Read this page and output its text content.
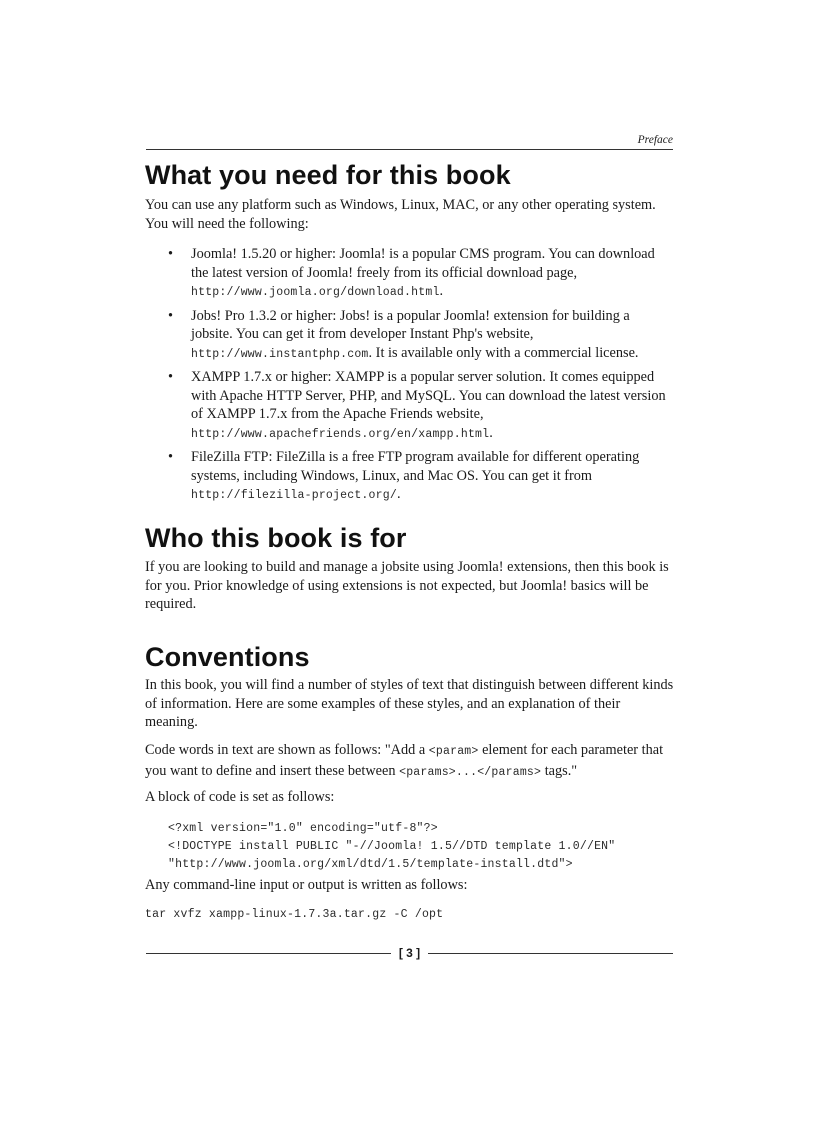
Preface
What you need for this book

You can use any platform such as Windows, Linux, MAC, or any other operating system. You will need the following:

• Joomla! 1.5.20 or higher: Joomla! is a popular CMS program. You can download the latest version of Joomla! freely from its official download page, http://www.joomla.org/download.html.
• Jobs! Pro 1.3.2 or higher: Jobs! is a popular Joomla! extension for building a jobsite. You can get it from developer Instant Php's website, http://www.instantphp.com. It is available only with a commercial license.
• XAMPP 1.7.x or higher: XAMPP is a popular server solution. It comes equipped with Apache HTTP Server, PHP, and MySQL. You can download the latest version of XAMPP 1.7.x from the Apache Friends website, http://www.apachefriends.org/en/xampp.html.
• FileZilla FTP: FileZilla is a free FTP program available for different operating systems, including Windows, Linux, and Mac OS. You can get it from http://filezilla-project.org/.
Who this book is for

If you are looking to build and manage a jobsite using Joomla! extensions, then this book is for you. Prior knowledge of using extensions is not expected, but Joomla! basics will be required.

Conventions

In this book, you will find a number of styles of text that distinguish between different kinds of information. Here are some examples of these styles, and an explanation of their meaning.

Code words in text are shown as follows: "Add a <param> element for each parameter that you want to define and insert these between <params>...</params> tags."

A block of code is set as follows:

<?xml version="1.0" encoding="utf-8"?>
<!DOCTYPE install PUBLIC "-//Joomla! 1.5//DTD template 1.0//EN"
"http://www.joomla.org/xml/dtd/1.5/template-install.dtd">

Any command-line input or output is written as follows:

tar xvfz xampp-linux-1.7.3a.tar.gz -C /opt
[ 3 ]
